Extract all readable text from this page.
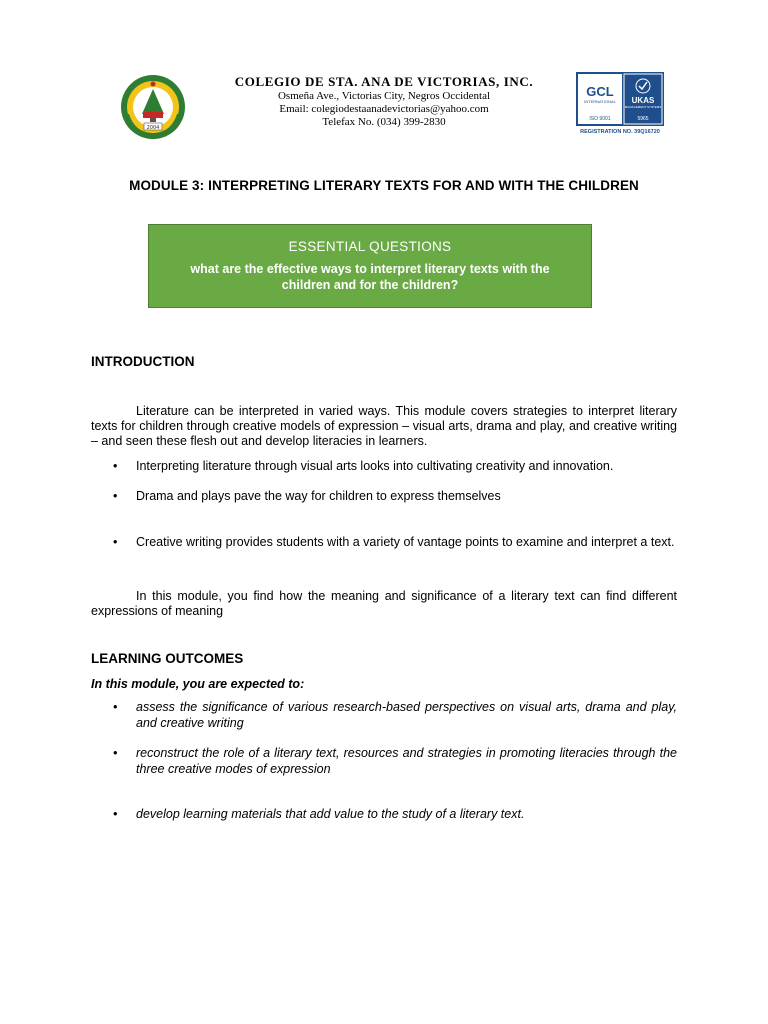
2004
COLEGIO DE STA. ANA DE VICTORIAS, INC.
Osmeña Ave., Victorias City, Negros Occidental
Email: colegiodestaanadevictorias@yahoo.com
Telefax No. (034) 399-2830
GCL
INTERNATIONAL UKAS
MANAGEMENT SYSTEMS
ISO 9001	5965
REGISTRATION NO. 39Q16720
MODULE 3: INTERPRETING LITERARY TEXTS FOR AND WITH THE CHILDREN
ESSENTIAL QUESTIONS
what are the effective ways to interpret literary texts with the children and for the children?
INTRODUCTION
Literature can be interpreted in varied ways. This module covers strategies to interpret literary texts for children through creative models of expression – visual arts, drama and play, and creative writing – and seen these flesh out and develop literacies in learners.
•	Interpreting literature through visual arts looks into cultivating creativity and innovation.
•	Drama and plays pave the way for children to express themselves
•	Creative writing provides students with a variety of vantage points to examine and interpret a text.
In this module, you find how the meaning and significance of a literary text can find different expressions of meaning
LEARNING OUTCOMES
In this module, you are expected to:
•	assess the significance of various research-based perspectives on visual arts, drama and play, and creative writing
•	reconstruct the role of a literary text, resources and strategies in promoting literacies through the three creative modes of expression
•	develop learning materials that add value to the study of a literary text.
